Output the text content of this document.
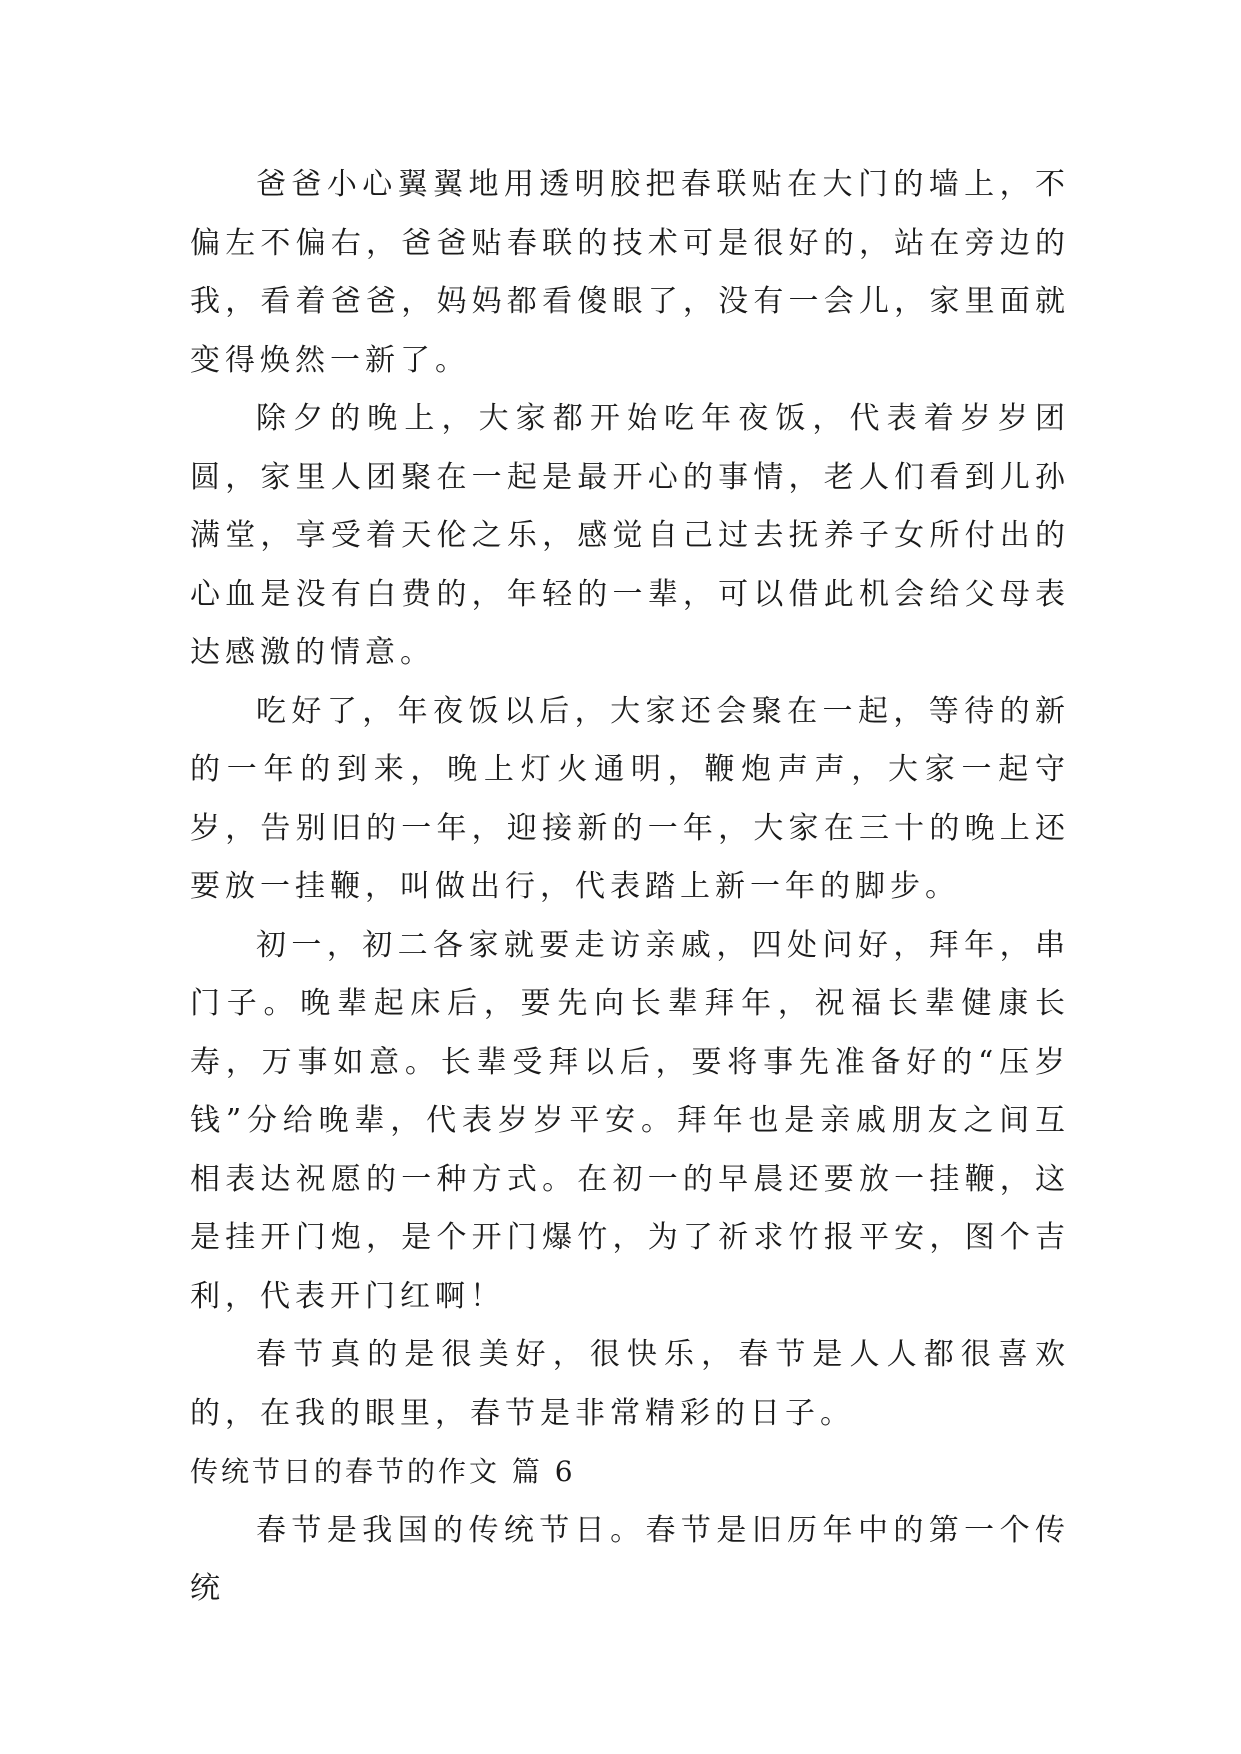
爸爸小心翼翼地用透明胶把春联贴在大门的墙上，不偏左不偏右，爸爸贴春联的技术可是很好的，站在旁边的我，看着爸爸，妈妈都看傻眼了，没有一会儿，家里面就变得焕然一新了。

除夕的晚上，大家都开始吃年夜饭，代表着岁岁团圆，家里人团聚在一起是最开心的事情，老人们看到儿孙满堂，享受着天伦之乐，感觉自己过去抚养子女所付出的心血是没有白费的，年轻的一辈，可以借此机会给父母表达感激的情意。

吃好了，年夜饭以后，大家还会聚在一起，等待的新的一年的到来，晚上灯火通明，鞭炮声声，大家一起守岁，告别旧的一年，迎接新的一年，大家在三十的晚上还要放一挂鞭，叫做出行，代表踏上新一年的脚步。

初一，初二各家就要走访亲戚，四处问好，拜年，串门子。晚辈起床后，要先向长辈拜年，祝福长辈健康长寿，万事如意。长辈受拜以后，要将事先准备好的“压岁钱”分给晚辈，代表岁岁平安。拜年也是亲戚朋友之间互相表达祝愿的一种方式。在初一的早晨还要放一挂鞭，这是挂开门炮，是个开门爆竹，为了祈求竹报平安，图个吉利，代表开门红啊！

春节真的是很美好，很快乐，春节是人人都很喜欢的，在我的眼里，春节是非常精彩的日子。

传统节日的春节的作文 篇 6

春节是我国的传统节日。春节是旧历年中的第一个传统
